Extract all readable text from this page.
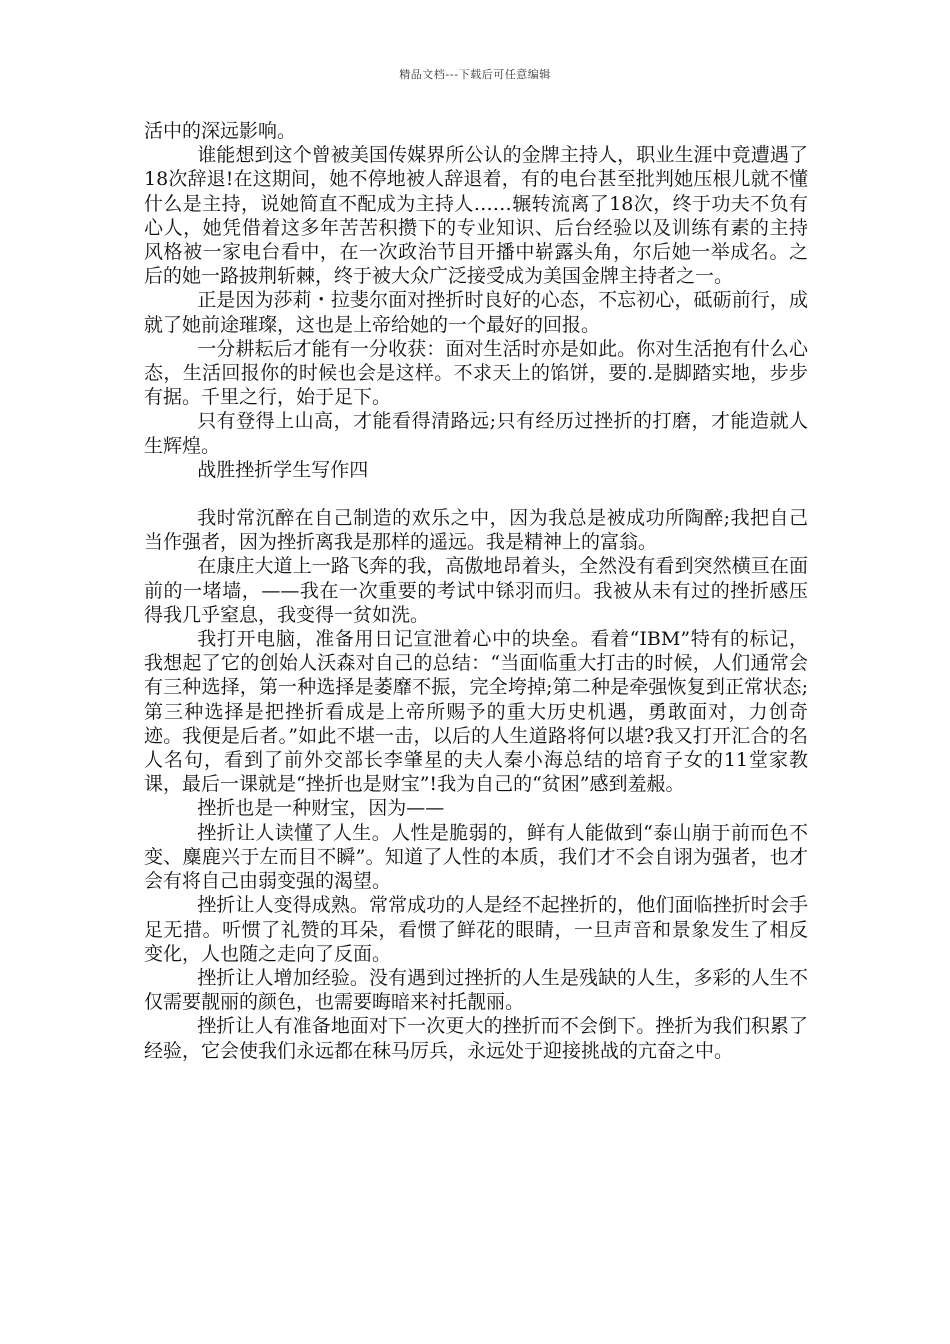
精品文档---下载后可任意编辑

活中的深远影响。

谁能想到这个曾被美国传媒界所公认的金牌主持人，职业生涯中竟遭遇了18次辞退!在这期间，她不停地被人辞退着，有的电台甚至批判她压根儿就不懂什么是主持，说她简直不配成为主持人……辗转流离了18次，终于功夫不负有心人，她凭借着这多年苦苦积攒下的专业知识、后台经验以及训练有素的主持风格被一家电台看中，在一次政治节目开播中崭露头角，尔后她一举成名。之后的她一路披荆斩棘，终于被大众广泛接受成为美国金牌主持者之一。

正是因为莎莉・拉斐尔面对挫折时良好的心态，不忘初心，砥砺前行，成就了她前途璀璨，这也是上帝给她的一个最好的回报。

一分耕耘后才能有一分收获：面对生活时亦是如此。你对生活抱有什么心态，生活回报你的时候也会是这样。不求天上的馅饼，要的.是脚踏实地，步步有据。千里之行，始于足下。

只有登得上山高，才能看得清路远;只有经历过挫折的打磨，才能造就人生辉煌。

战胜挫折学生写作四

我时常沉醉在自己制造的欢乐之中，因为我总是被成功所陶醉;我把自己当作强者，因为挫折离我是那样的遥远。我是精神上的富翁。

在康庄大道上一路飞奔的我，高傲地昂着头，全然没有看到突然横亘在面前的一堵墙，——我在一次重要的考试中铩羽而归。我被从未有过的挫折感压得我几乎窒息，我变得一贫如洗。

我打开电脑，准备用日记宣泄着心中的块垒。看着“IBM”特有的标记，我想起了它的创始人沃森对自己的总结：“当面临重大打击的时候，人们通常会有三种选择，第一种选择是萎靡不振，完全垮掉;第二种是牵强恢复到正常状态;第三种选择是把挫折看成是上帝所赐予的重大历史机遇，勇敢面对，力创奇迹。我便是后者。”如此不堪一击，以后的人生道路将何以堪?我又打开汇合的名人名句，看到了前外交部长李肇星的夫人秦小海总结的培育子女的11堂家教课，最后一课就是“挫折也是财宝”!我为自己的“贫困”感到羞赧。

挫折也是一种财宝，因为——

挫折让人读懂了人生。人性是脆弱的，鲜有人能做到“泰山崩于前而色不变、麋鹿兴于左而目不瞬”。知道了人性的本质，我们才不会自诩为强者，也才会有将自己由弱变强的渴望。

挫折让人变得成熟。常常成功的人是经不起挫折的，他们面临挫折时会手足无措。听惯了礼赞的耳朵，看惯了鲜花的眼睛，一旦声音和景象发生了相反变化，人也随之走向了反面。

挫折让人增加经验。没有遇到过挫折的人生是残缺的人生，多彩的人生不仅需要靓丽的颜色，也需要晦暗来衬托靓丽。

挫折让人有准备地面对下一次更大的挫折而不会倒下。挫折为我们积累了经验，它会使我们永远都在秣马厉兵，永远处于迎接挑战的亢奋之中。
